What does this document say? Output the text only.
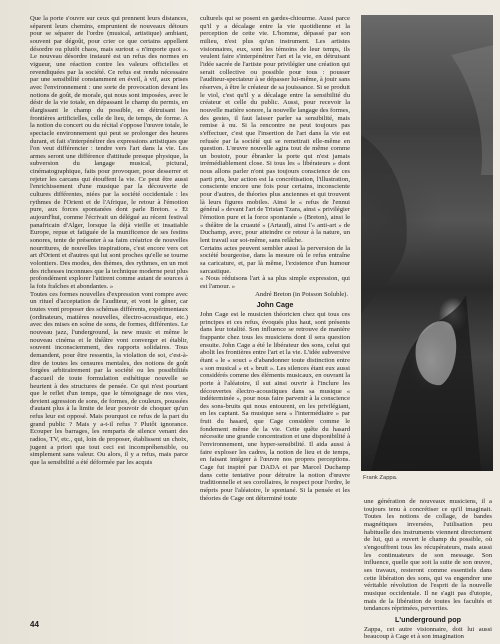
Que la porte s'ouvre sur ceux qui prennent leurs distances, séparent leurs chemins, empruntent de nouveaux détours pour se séparer de l'ordre (musical, artistique) ambiant, souvent par dégoût, pour crier ce que certains appellent désordre ou plutôt chaos, mais surtout « n'importe quoi ». Le nouveau désordre instauré est un refus des normes en vigueur, une réaction contre les valeurs officielles et revendiquées par la société. Ce refus est rendu nécessaire par une sensibilité constamment en éveil, à vif, aux prises avec l'environnement : une sorte de provocation devant les notions de goût, de morale, qui nous sont imposées, avec le désir de la vie totale, en dépassant le champ du permis, en élargissant le champ du possible, en détruisant les frontières artificielles, celle de lieu, de temps, de forme. A la notion du concert ou du récital s'oppose l'œuvre totale, le spectacle environnement qui peut se prolonger des heures durant, et fait s'interpénétrer des expressions artistiques que l'on veut différencier : tendre vers l'art dans la vie. Les armes seront une différence d'attitude presque physique, la subversion du langage musical, pictural, cinématographique, faits pour provoquer, pour desserrer et rejeter les carcans qui étouffent la vie. Ce peut être aussi l'enrichissement d'une musique par la découverte de cultures différentes, niées par la société occidentale : les rythmes de l'Orient et de l'Afrique, le retour à l'émotion pure, aux forces spontanées dont parle Breton. « Et aujourd'hui, comme l'écrivait un délégué au récent festival panafricain d'Alger, lorsque la déjà vieille et insatiable Europe, repue et fatiguée de la munificence de ses festins sonores, tente de présenter à sa faim créatrice de nouvelles nourritures, de nouvelles inspirations, c'est encore vers cet art d'Orient et d'autres qui lui sont proches qu'elle se tourne volontiers. Des modes, des thèmes, des rythmes, en un mot des richesses inconnues que la technique moderne peut plus profondément explorer l'attirent comme autant de sources à la fois fraîches et abondantes. »

Toutes ces formes nouvelles d'expression vont rompre avec un rituel d'acceptation de l'auditeur, et vont le gêner, car toutes vont proposer des schémas différents, expérimentaux (ordinateurs, matières nouvelles, électro-acoustique, etc.) avec des mises en scène de sons, de formes, différentes. Le nouveau jazz, l'underground, la new music et même le nouveau cinéma et le théâtre vont converger et établir, souvent inconsciemment, des rapports solidaires. Tous demandent, pour être ressentis, la violation de soi, c'est-à-dire de toutes les censures mentales, des notions de goût forgées arbitrairement par la société ou les possibilités d'accueil de toute formulation esthétique nouvelle se heurtent à des structures de pensée. Ce qui n'est pourtant que le reflet d'un temps, que le témoignage de nos vies, devient agression de sons, de formes, de couleurs, poussées d'autant plus à la limite de leur pouvoir de choquer qu'un refus leur est opposé. Mais pourquoi ce refus de la part du grand public ? Mais y a-t-il refus ? Plutôt ignorance. Ecouper les barrages, les remparts de silence venant des radios, TV, etc., qui, loin de proposer, établissent un choix, jugent a priori que tout ceci est incompréhensible, ou simplement sans valeur. Ou alors, il y a refus, mais parce que la sensibilité a été déformée par les acquis

culturels qui se posent en gardes-chiourme. Aussi parce qu'il y a décalage entre la vie quotidienne et la perception de cette vie. L'homme, dépassé par son milieu, n'est plus qu'un instrument. Les artistes visionnaires, eux, sont les témoins de leur temps, ils veulent faire s'interpénétrer l'art et la vie, en détruisant l'idée sacrée de l'artiste pour privilégier une création qui serait collective ou possible pour tous : pousser l'auditeur-spectateur à se dépasser lui-même, à jouir sans réserves, à être le créateur de sa jouissance. Si se produit le viol, c'est qu'il y a décalage entre la sensibilité du créateur et celle du public. Aussi, pour recevoir la nouvelle matière sonore, la nouvelle langage des formes, des gestes, il faut laisser parler sa sensibilité, mais remise à nu. Si la rencontre ne peut toujours pas s'effectuer, c'est que l'insertion de l'art dans la vie est refusée par la société qui se remettrait elle-même en question. L'œuvre nouvelle agira tout de même comme un boutoir, pour ébranler la porte qui n'est jamais irrémédiablement close. Si tous les « libérateurs » dont nous allons parler n'ont pas toujours conscience de ces parti pris, leur action est la concrétisation, l'illustration, consciente encore une fois pour certains, inconsciente pour d'autres, de théories plus anciennes et qui trouvent là leurs figures mobiles. Ainsi le « refus de l'ennui général » devant l'art de Tristan Tzara, ainsi « privilégier l'émotion pure et la force spontanée » (Breton), ainsi le « théâtre de la cruauté » (Artaud), ainsi l'« anti-art » de Duchamp, avec, pour atteindre ce retour à la nature, un lent travail sur soi-même, sans relâche.

Certains actes peuvent sembler aussi la perversion de la société bourgeoise, dans la mesure où le refus entraîne sa caricature, et, par là même, l'existence d'un humour sarcastique.

« Nous réduisons l'art à sa plus simple expression, qui est l'amour. »

André Breton (in Poisson Soluble).

John Cage

John Cage est le musicien théoricien chez qui tous ces principes et ces refus, évoqués plus haut, sont présents dans leur totalité. Son influence se retrouve de manière frappante chez tous les musiciens dont il sera question ensuite. John Cage a été le libérateur des sons, celui qui abolit les frontières entre l'art et la vie. L'idée subversive étant « le « souci » d'abandonner toute distinction entre « son musical » et « bruit ». Les silences étant eux aussi considérés comme des éléments musicaux, en ouvrant la porte à l'aléatoire, il sut ainsi ouvrir à l'inclure les découvertes électro-acoustiques dans sa musique « indéterminée », pour nous faire parvenir à la conscience des sons-bruits qui nous entourent, en les privilégiant, en les captant. Sa musique sera « l'intermédiaire » par fruit du hasard, que Cage considère comme le fondement même de la vie. Cette quête du hasard nécessite une grande concentration et une disponibilité à l'environnement, une hyper-sensibilité. Il aida aussi à faire exploser les cadres, la notion de lieu et de temps, en faisant intégrer à l'œuvre nos propres perceptions. Cage fut inspiré par DADA et par Marcel Duchamp dans cette tentative pour détruire la notion d'œuvre traditionnelle et ses corollaires, le respect pour l'ordre, le mépris pour l'aléatoire, le spontané. Si la pensée et les théories de Cage ont déterminé toute

Frank Zappa.

une génération de nouveaux musiciens, il a toujours tenu à concrétiser ce qu'il imaginait. Toutes les notions de collage, de bandes magnétiques inversées, l'utilisation peu habituelle des instruments viennent directement de lui, qui a ouvert le champ du possible, où s'engouffrent tous les récupérateurs, mais aussi les continuateurs de son message. Son influence, quelle que soit la suite de son œuvre, ses travaux, resteront comme essentiels dans cette libération des sons, qui va engendrer une véritable révolution de l'esprit de la nouvelle musique occidentale. Il ne s'agit pas d'utopie, mais de la libération de toutes les facultés et tendances réprimées, perverties.

L'underground pop

Zappa, cet autre visionnaire, doit lui aussi beaucoup à Cage et à son imagination

44
